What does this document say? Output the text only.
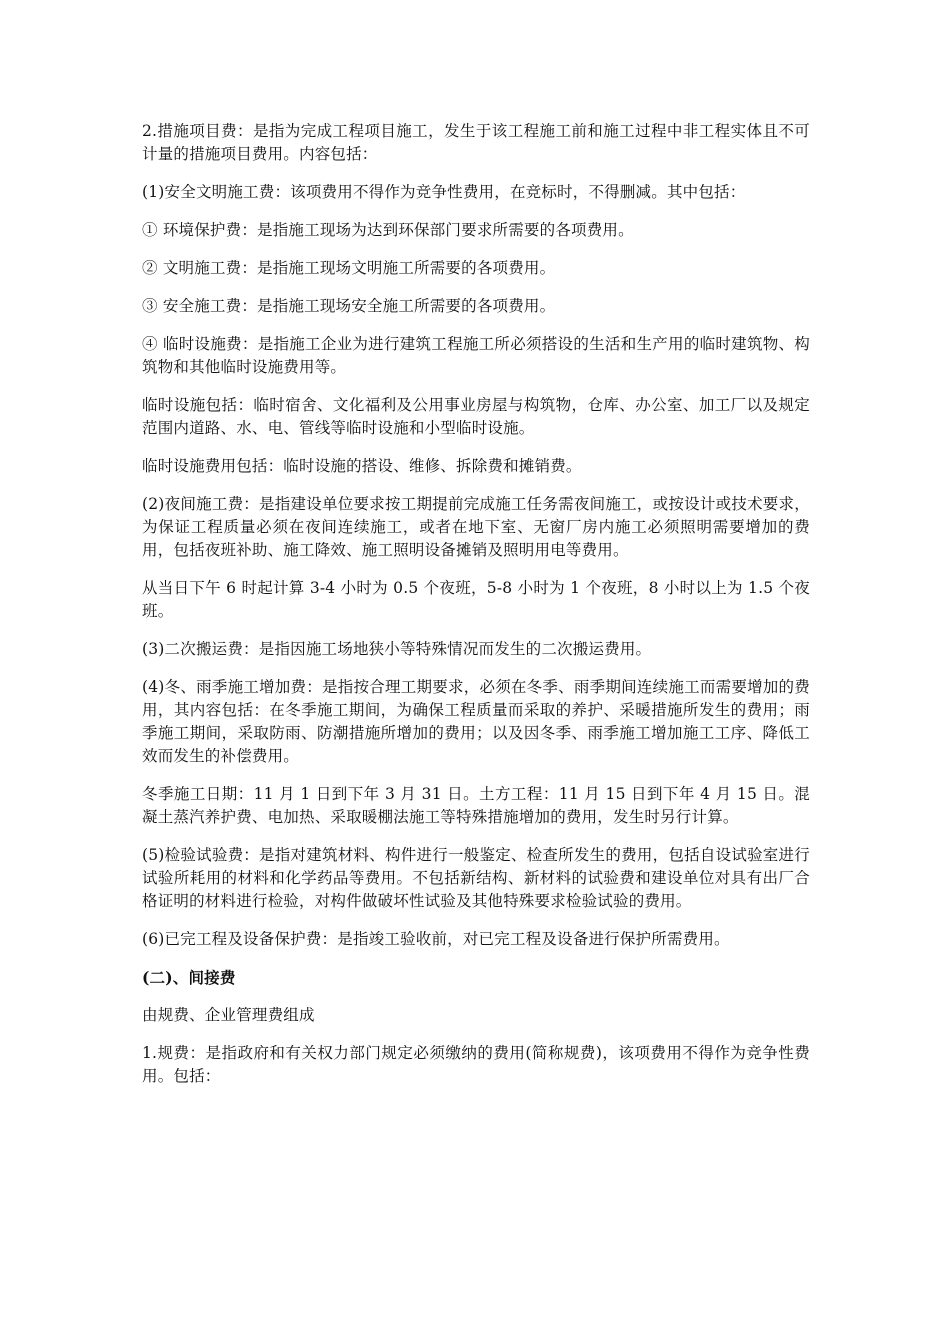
2.措施项目费：是指为完成工程项目施工，发生于该工程施工前和施工过程中非工程实体且不可计量的措施项目费用。内容包括：

(1)安全文明施工费：该项费用不得作为竞争性费用，在竞标时，不得删减。其中包括：

① 环境保护费：是指施工现场为达到环保部门要求所需要的各项费用。

② 文明施工费：是指施工现场文明施工所需要的各项费用。

③ 安全施工费：是指施工现场安全施工所需要的各项费用。

④ 临时设施费：是指施工企业为进行建筑工程施工所必须搭设的生活和生产用的临时建筑物、构筑物和其他临时设施费用等。

临时设施包括：临时宿舍、文化福利及公用事业房屋与构筑物，仓库、办公室、加工厂以及规定范围内道路、水、电、管线等临时设施和小型临时设施。

临时设施费用包括：临时设施的搭设、维修、拆除费和摊销费。

(2)夜间施工费：是指建设单位要求按工期提前完成施工任务需夜间施工，或按设计或技术要求，为保证工程质量必须在夜间连续施工，或者在地下室、无窗厂房内施工必须照明需要增加的费用，包括夜班补助、施工降效、施工照明设备摊销及照明用电等费用。

从当日下午 6 时起计算 3-4 小时为 0.5 个夜班，5-8 小时为 1 个夜班，8 小时以上为 1.5 个夜班。

(3)二次搬运费：是指因施工场地狭小等特殊情况而发生的二次搬运费用。

(4)冬、雨季施工增加费：是指按合理工期要求，必须在冬季、雨季期间连续施工而需要增加的费用，其内容包括：在冬季施工期间，为确保工程质量而采取的养护、采暖措施所发生的费用；雨季施工期间，采取防雨、防潮措施所增加的费用；以及因冬季、雨季施工增加施工工序、降低工效而发生的补偿费用。

冬季施工日期：11 月 1 日到下年 3 月 31 日。土方工程：11 月 15 日到下年 4 月 15 日。混凝土蒸汽养护费、电加热、采取暖棚法施工等特殊措施增加的费用，发生时另行计算。

(5)检验试验费：是指对建筑材料、构件进行一般鉴定、检查所发生的费用，包括自设试验室进行试验所耗用的材料和化学药品等费用。不包括新结构、新材料的试验费和建设单位对具有出厂合格证明的材料进行检验，对构件做破坏性试验及其他特殊要求检验试验的费用。

(6)已完工程及设备保护费：是指竣工验收前，对已完工程及设备进行保护所需费用。

(二)、间接费

由规费、企业管理费组成

1.规费：是指政府和有关权力部门规定必须缴纳的费用(简称规费)，该项费用不得作为竞争性费用。包括：
